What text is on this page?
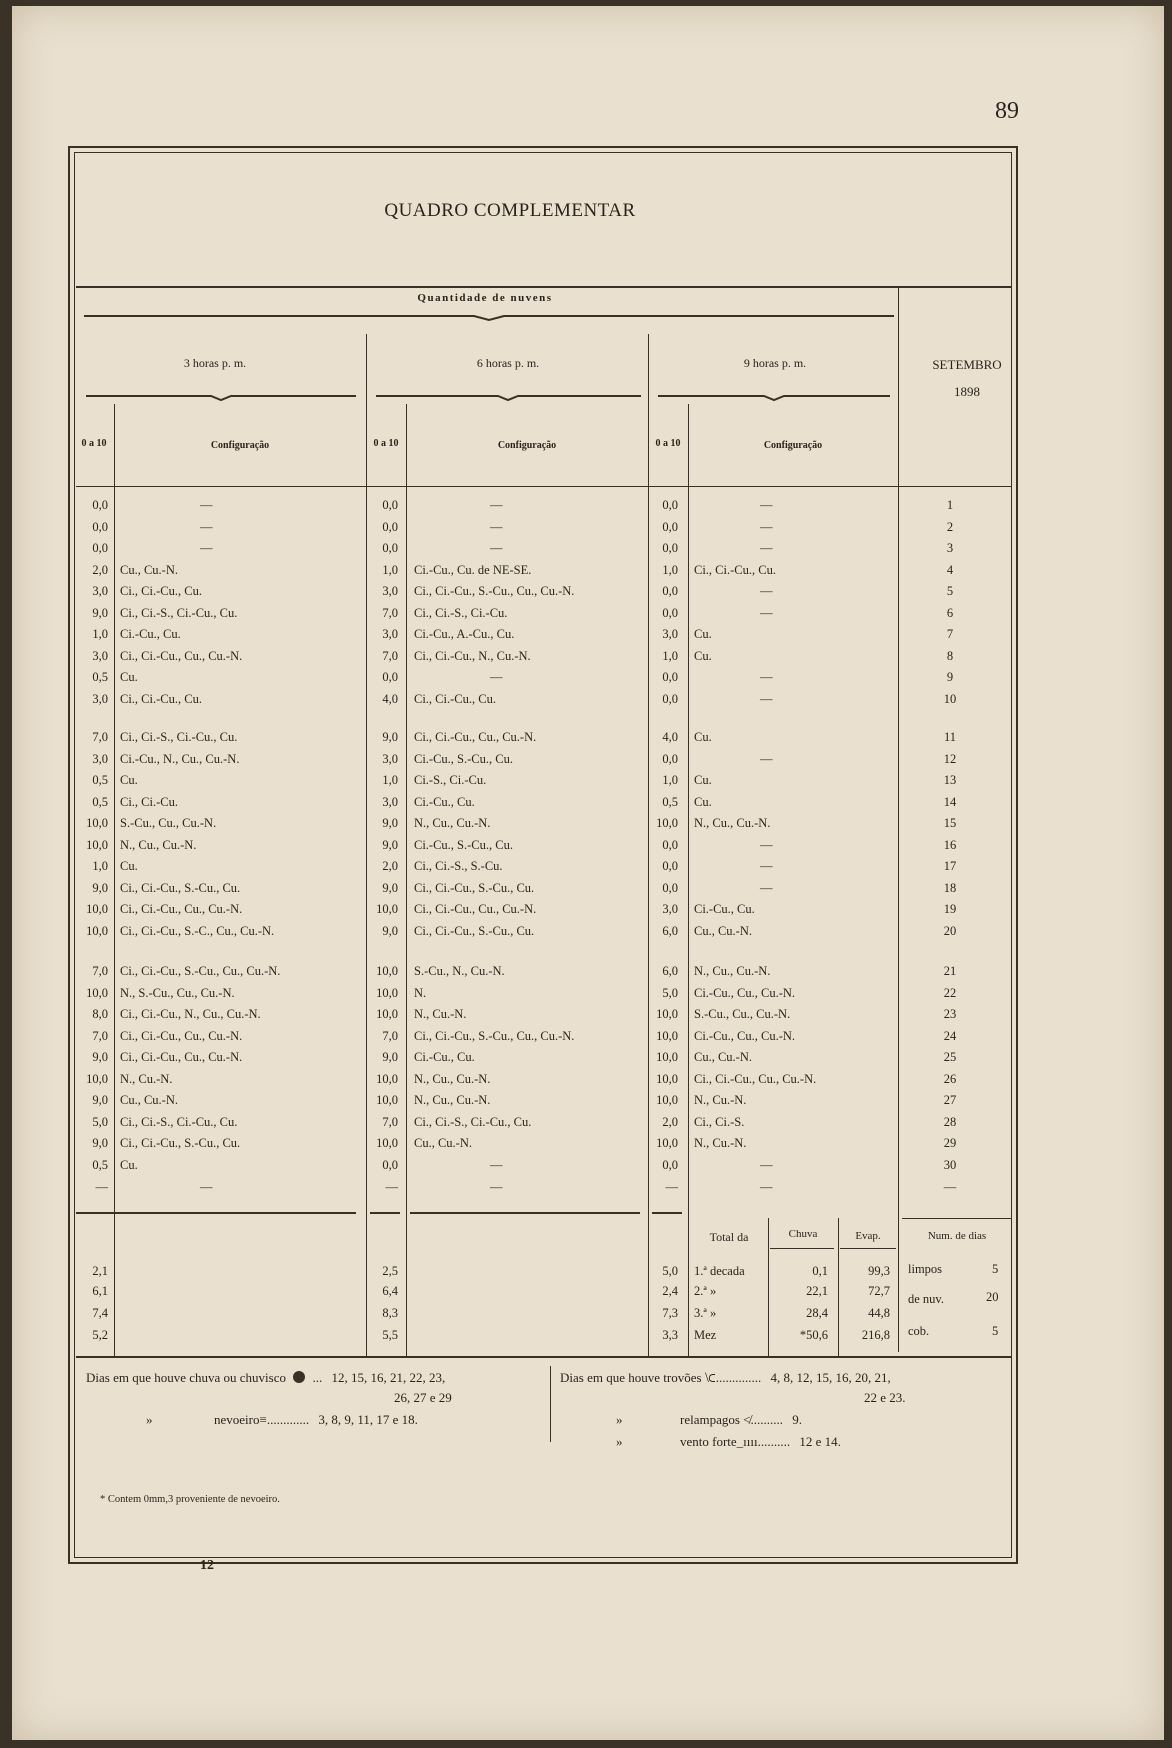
89
QUADRO COMPLEMENTAR
Quantidade de nuvens
3 horas p. m.	6 horas p. m.	9 horas p. m.	SETEMBRO
1898
0 a 10	Configuração	0 a 10	Configuração	0 a 10	Configuração
0,0	—	0,0	—	0,0	—	1
0,0	—	0,0	—	0,0	—	2
0,0	—	0,0	—	0,0	—	3
2,0 Cu., Cu.-N.	1,0 Ci.-Cu., Cu. de NE-SE.	1,0 Ci., Ci.-Cu., Cu.	4
3,0 Ci., Ci.-Cu., Cu.	3,0 Ci., Ci.-Cu., S.-Cu., Cu., Cu.-N.	0,0	—	5
9,0 Ci., Ci.-S., Ci.-Cu., Cu.	7,0 Ci., Ci.-S., Ci.-Cu.	0,0	—	6
1,0 Ci.-Cu., Cu.	3,0 Ci.-Cu., A.-Cu., Cu.	3,0 Cu.	7
3,0 Ci., Ci.-Cu., Cu., Cu.-N.	7,0 Ci., Ci.-Cu., N., Cu.-N.	1,0 Cu.	8
0,5 Cu.	0,0	—	0,0	—	9
3,0 Ci., Ci.-Cu., Cu.	4,0 Ci., Ci.-Cu., Cu.	0,0	—	10
7,0 Ci., Ci.-S., Ci.-Cu., Cu.	9,0 Ci., Ci.-Cu., Cu., Cu.-N.	4,0 Cu.	11
3,0 Ci.-Cu., N., Cu., Cu.-N.	3,0 Ci.-Cu., S.-Cu., Cu.	0,0	—	12
0,5 Cu.	1,0 Ci.-S., Ci.-Cu.	1,0 Cu.	13
0,5 Ci., Ci.-Cu.	3,0 Ci.-Cu., Cu.	0,5 Cu.	14
10,0 S.-Cu., Cu., Cu.-N.	9,0 N., Cu., Cu.-N.	10,0 N., Cu., Cu.-N.	15
10,0 N., Cu., Cu.-N.	9,0 Ci.-Cu., S.-Cu., Cu.	0,0	—	16
1,0 Cu.	2,0 Ci., Ci.-S., S.-Cu.	0,0	—	17
9,0 Ci., Ci.-Cu., S.-Cu., Cu.	9,0 Ci., Ci.-Cu., S.-Cu., Cu.	0,0	—	18
10,0 Ci., Ci.-Cu., Cu., Cu.-N.	10,0 Ci., Ci.-Cu., Cu., Cu.-N.	3,0 Ci.-Cu., Cu.	19
10,0 Ci., Ci.-Cu., S.-C., Cu., Cu.-N.	9,0 Ci., Ci.-Cu., S.-Cu., Cu.	6,0 Cu., Cu.-N.	20
7,0 Ci., Ci.-Cu., S.-Cu., Cu., Cu.-N.	10,0 S.-Cu., N., Cu.-N.	6,0 N., Cu., Cu.-N.	21
10,0 N., S.-Cu., Cu., Cu.-N.	10,0 N.	5,0 Ci.-Cu., Cu., Cu.-N.	22
8,0 Ci., Ci.-Cu., N., Cu., Cu.-N.	10,0 N., Cu.-N.	10,0 S.-Cu., Cu., Cu.-N.	23
7,0 Ci., Ci.-Cu., Cu., Cu.-N.	7,0 Ci., Ci.-Cu., S.-Cu., Cu., Cu.-N.	10,0 Ci.-Cu., Cu., Cu.-N.	24
9,0 Ci., Ci.-Cu., Cu., Cu.-N.	9,0 Ci.-Cu., Cu.	10,0 Cu., Cu.-N.	25
10,0 N., Cu.-N.	10,0 N., Cu., Cu.-N.	10,0 Ci., Ci.-Cu., Cu., Cu.-N.	26
9,0 Cu., Cu.-N.	10,0 N., Cu., Cu.-N.	10,0 N., Cu.-N.	27
5,0 Ci., Ci.-S., Ci.-Cu., Cu.	7,0 Ci., Ci.-S., Ci.-Cu., Cu.	2,0 Ci., Ci.-S.	28
9,0 Ci., Ci.-Cu., S.-Cu., Cu.	10,0 Cu., Cu.-N.	10,0 N., Cu.-N.	29
0,5 Cu.	0,0	—	0,0	—	30
—	—	—	—	—	—	—
Total da	Chuva	Evap.	Num. de dias
2,1	2,5	5,0 1.ª decada	0,1	99,3
6,1	6,4	2,4 2.ª »	22,1	72,7
7,4	8,3	7,3 3.ª »	28,4	44,8
5,2	5,5	3,3 Mez	*50,6	216,8
limpos	5
de nuv.	20
cob.	5
Dias em que houve chuva ou chuvisco ... 12, 15, 16, 21, 22, 23,
26, 27 e 29
»	nevoeiro≡............. 3, 8, 9, 11, 17 e 18.
Dias em que houve trovões ⟈.............. 4, 8, 12, 15, 16, 20, 21,
22 e 23.
»	relampagos ≮.......... 9.
»	vento forte_ıııı.......... 12 e 14.
* Contem 0mm,3 proveniente de nevoeiro.
12
